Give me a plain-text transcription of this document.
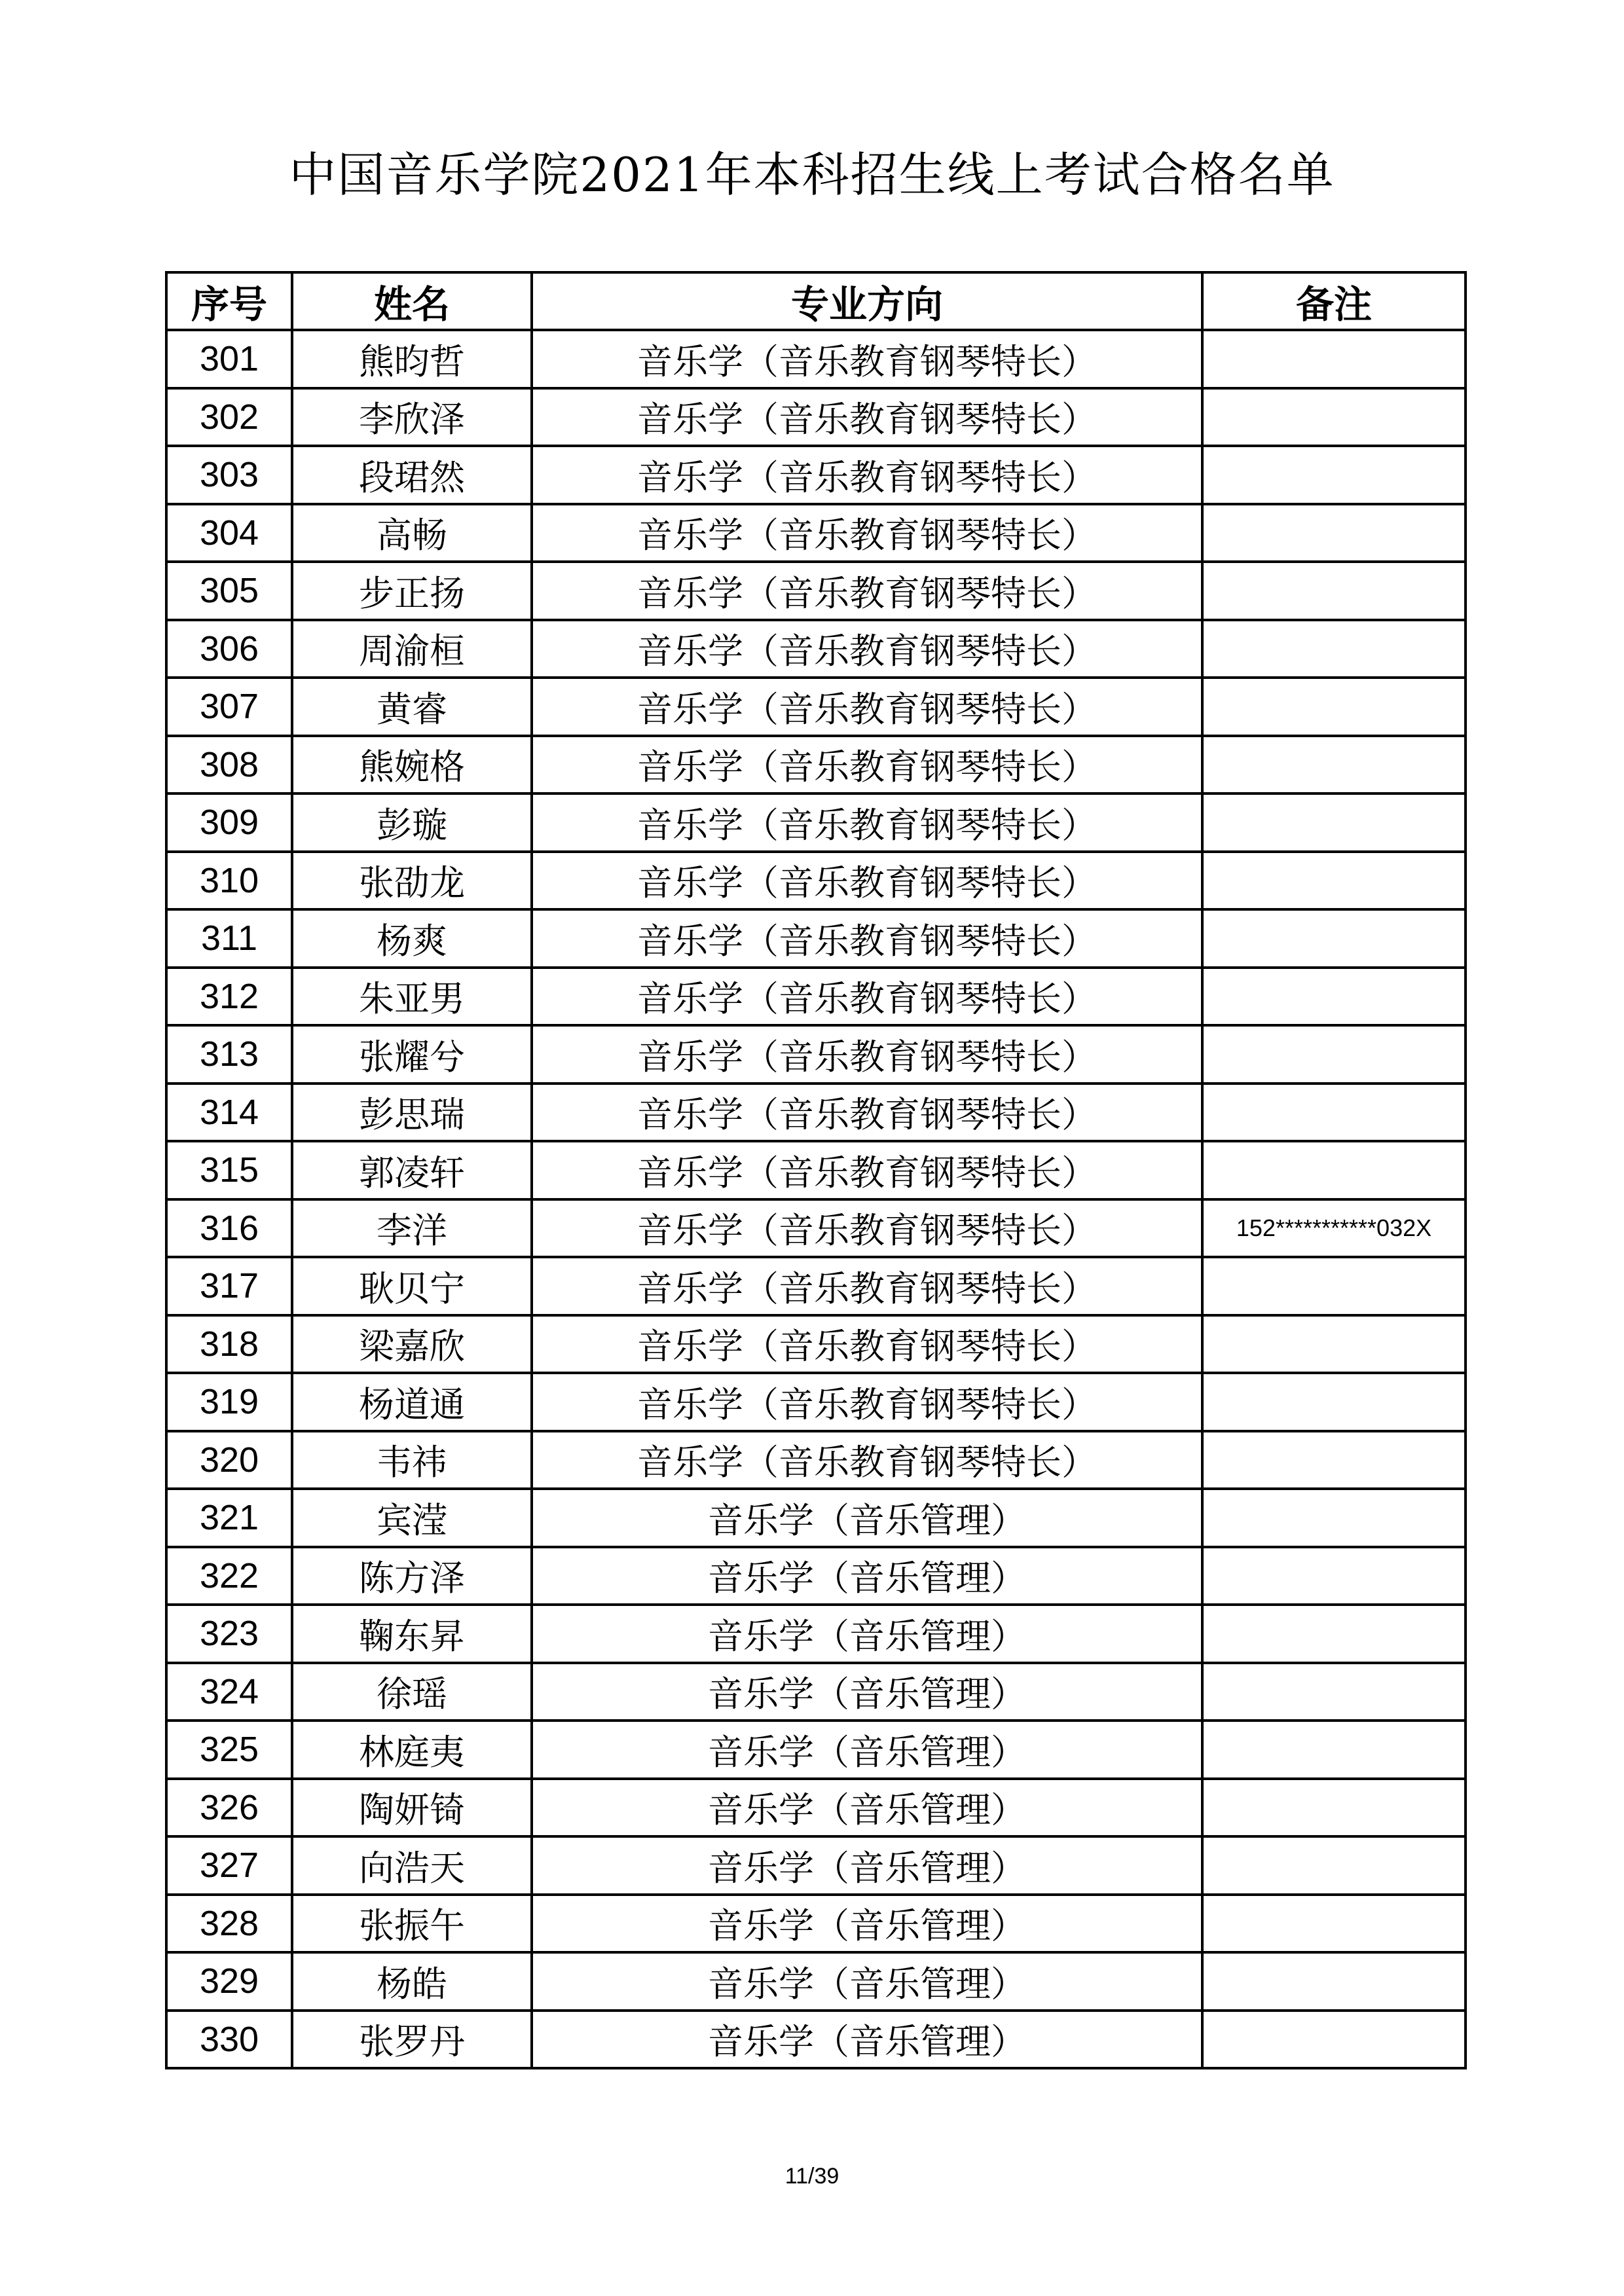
中国音乐学院2021年本科招生线上考试合格名单
序号	姓名	专业方向	备注
301	熊昀哲	音乐学（音乐教育钢琴特长）	
302	李欣泽	音乐学（音乐教育钢琴特长）	
303	段珺然	音乐学（音乐教育钢琴特长）	
304	高畅	音乐学（音乐教育钢琴特长）	
305	步正扬	音乐学（音乐教育钢琴特长）	
306	周渝桓	音乐学（音乐教育钢琴特长）	
307	黄睿	音乐学（音乐教育钢琴特长）	
308	熊婉格	音乐学（音乐教育钢琴特长）	
309	彭璇	音乐学（音乐教育钢琴特长）	
310	张劭龙	音乐学（音乐教育钢琴特长）	
311	杨爽	音乐学（音乐教育钢琴特长）	
312	朱亚男	音乐学（音乐教育钢琴特长）	
313	张耀兮	音乐学（音乐教育钢琴特长）	
314	彭思瑞	音乐学（音乐教育钢琴特长）	
315	郭凌轩	音乐学（音乐教育钢琴特长）	
316	李洋	音乐学（音乐教育钢琴特长）	152***********032X
317	耿贝宁	音乐学（音乐教育钢琴特长）	
318	梁嘉欣	音乐学（音乐教育钢琴特长）	
319	杨道通	音乐学（音乐教育钢琴特长）	
320	韦祎	音乐学（音乐教育钢琴特长）	
321	宾滢	音乐学（音乐管理）	
322	陈方泽	音乐学（音乐管理）	
323	鞠东昇	音乐学（音乐管理）	
324	徐瑶	音乐学（音乐管理）	
325	林庭夷	音乐学（音乐管理）	
326	陶妍锜	音乐学（音乐管理）	
327	向浩天	音乐学（音乐管理）	
328	张振午	音乐学（音乐管理）	
329	杨皓	音乐学（音乐管理）	
330	张罗丹	音乐学（音乐管理）	
11/39
